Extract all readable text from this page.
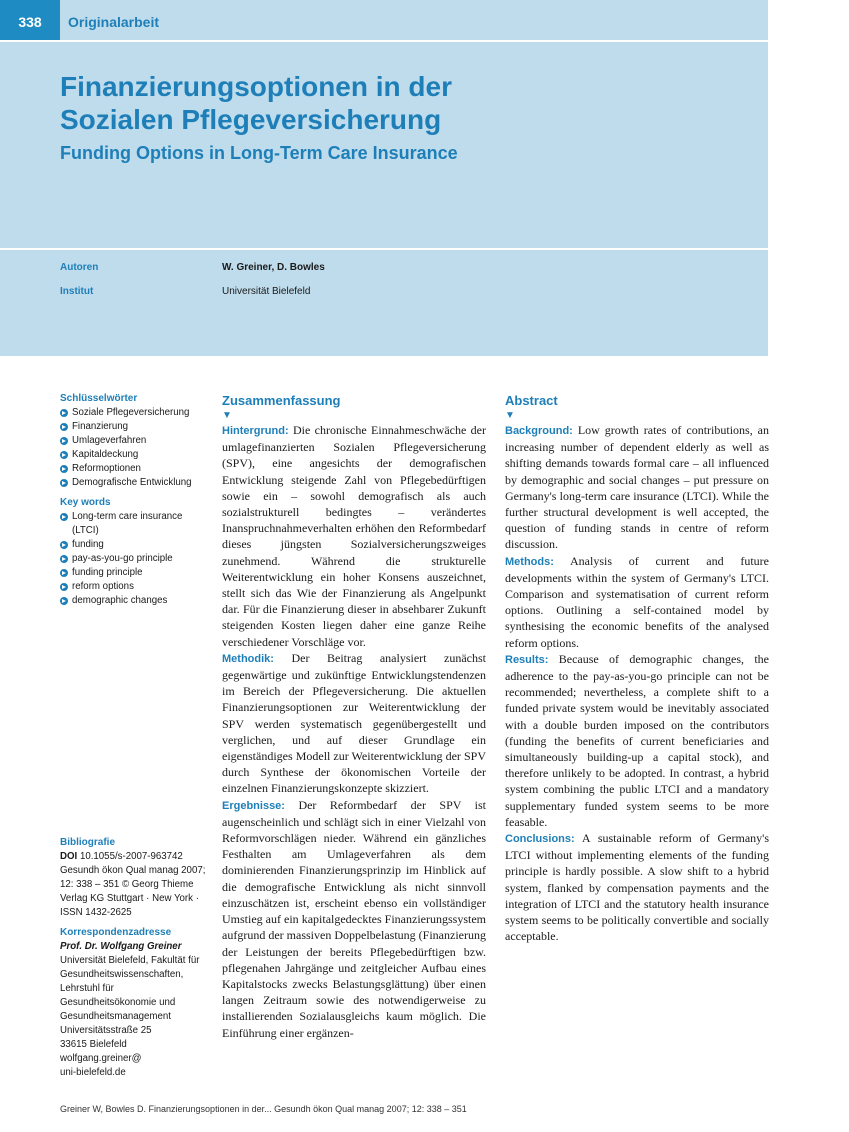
338	Originalarbeit
Finanzierungsoptionen in der
Sozialen Pflegeversicherung
Funding Options in Long-Term Care Insurance
Autoren	W. Greiner, D. Bowles
Institut	Universität Bielefeld
Schlüsselwörter
Soziale Pflegeversicherung
Finanzierung
Umlageverfahren
Kapitaldeckung
Reformoptionen
Demografische Entwicklung
Key words
Long-term care insurance (LTCI)
funding
pay-as-you-go principle
funding principle
reform options
demographic changes
Bibliografie
DOI 10.1055/s-2007-963742
Gesundh ökon Qual manag 2007; 12: 338 – 351 © Georg Thieme Verlag KG Stuttgart · New York · ISSN 1432-2625
Korrespondenzadresse
Prof. Dr. Wolfgang Greiner
Universität Bielefeld, Fakultät für Gesundheitswissenschaften,
Lehrstuhl für
Gesundheitsökonomie und
Gesundheitsmanagement
Universitätsstraße 25
33615 Bielefeld
wolfgang.greiner@
uni-bielefeld.de
Zusammenfassung
▼

Hintergrund: Die chronische Einnahmeschwäche der umlagefinanzierten Sozialen Pflegeversicherung (SPV), eine angesichts der demografischen Entwicklung steigende Zahl von Pflegebedürftigen sowie ein – sowohl demografisch als auch sozialstrukturell bedingtes – verändertes Inanspruchnahmeverhalten erhöhen den Reformbedarf dieses jüngsten Sozialversicherungszweiges zunehmend. Während die strukturelle Weiterentwicklung ein hoher Konsens auszeichnet, stellt sich das Wie der Finanzierung als Angelpunkt dar. Für die Finanzierung dieser in absehbarer Zukunft steigenden Kosten liegen daher eine ganze Reihe verschiedener Vorschläge vor.

Methodik: Der Beitrag analysiert zunächst gegenwärtige und zukünftige Entwicklungstendenzen im Bereich der Pflegeversicherung. Die aktuellen Finanzierungsoptionen zur Weiterentwicklung der SPV werden systematisch gegenübergestellt und verglichen, und auf dieser Grundlage ein eigenständiges Modell zur Weiterentwicklung der SPV durch Synthese der ökonomischen Vorteile der einzelnen Finanzierungskonzepte skizziert.

Ergebnisse: Der Reformbedarf der SPV ist augenscheinlich und schlägt sich in einer Vielzahl von Reformvorschlägen nieder. Während ein gänzliches Festhalten am Umlageverfahren als dem dominierenden Finanzierungsprinzip im Hinblick auf die demografische Entwicklung als nicht sinnvoll einzuschätzen ist, erscheint ebenso ein vollständiger Umstieg auf ein kapitalgedecktes Finanzierungssystem aufgrund der massiven Doppelbelastung (Finanzierung der Leistungen der bereits Pflegebedürftigen bzw. pflegenahen Jahrgänge und zeitgleicher Aufbau eines Kapitalstocks zwecks Belastungsglättung) über einen langen Zeitraum sowie des notwendigerweise zu installierenden Sozialausgleichs kaum möglich. Die Einführung einer ergänzen-

Abstract
▼

Background: Low growth rates of contributions, an increasing number of dependent elderly as well as shifting demands towards formal care – all influenced by demographic and social changes – put pressure on Germany's long-term care insurance (LTCI). While the further structural development is well accepted, the question of funding stands in centre of reform discussion.

Methods: Analysis of current and future developments within the system of Germany's LTCI. Comparison and systematisation of current reform options. Outlining a self-contained model by synthesising the economic benefits of the analysed reform options.

Results: Because of demographic changes, the adherence to the pay-as-you-go principle can not be recommended; nevertheless, a complete shift to a funded private system would be inevitably associated with a double burden imposed on the contributors (funding the benefits of current beneficiaries and simultaneously building-up a capital stock), and therefore unlikely to be adopted. In contrast, a hybrid system combining the public LTCI and a mandatory supplementary funded system seems to be more feasable.

Conclusions: A sustainable reform of Germany's LTCI without implementing elements of the funding principle is hardly possible. A slow shift to a hybrid system, flanked by compensation payments and the integration of LTCI and the statutory health insurance system seems to be politically convertible and socially acceptable.

Greiner W, Bowles D. Finanzierungsoptionen in der... Gesundh ökon Qual manag 2007; 12: 338 – 351
